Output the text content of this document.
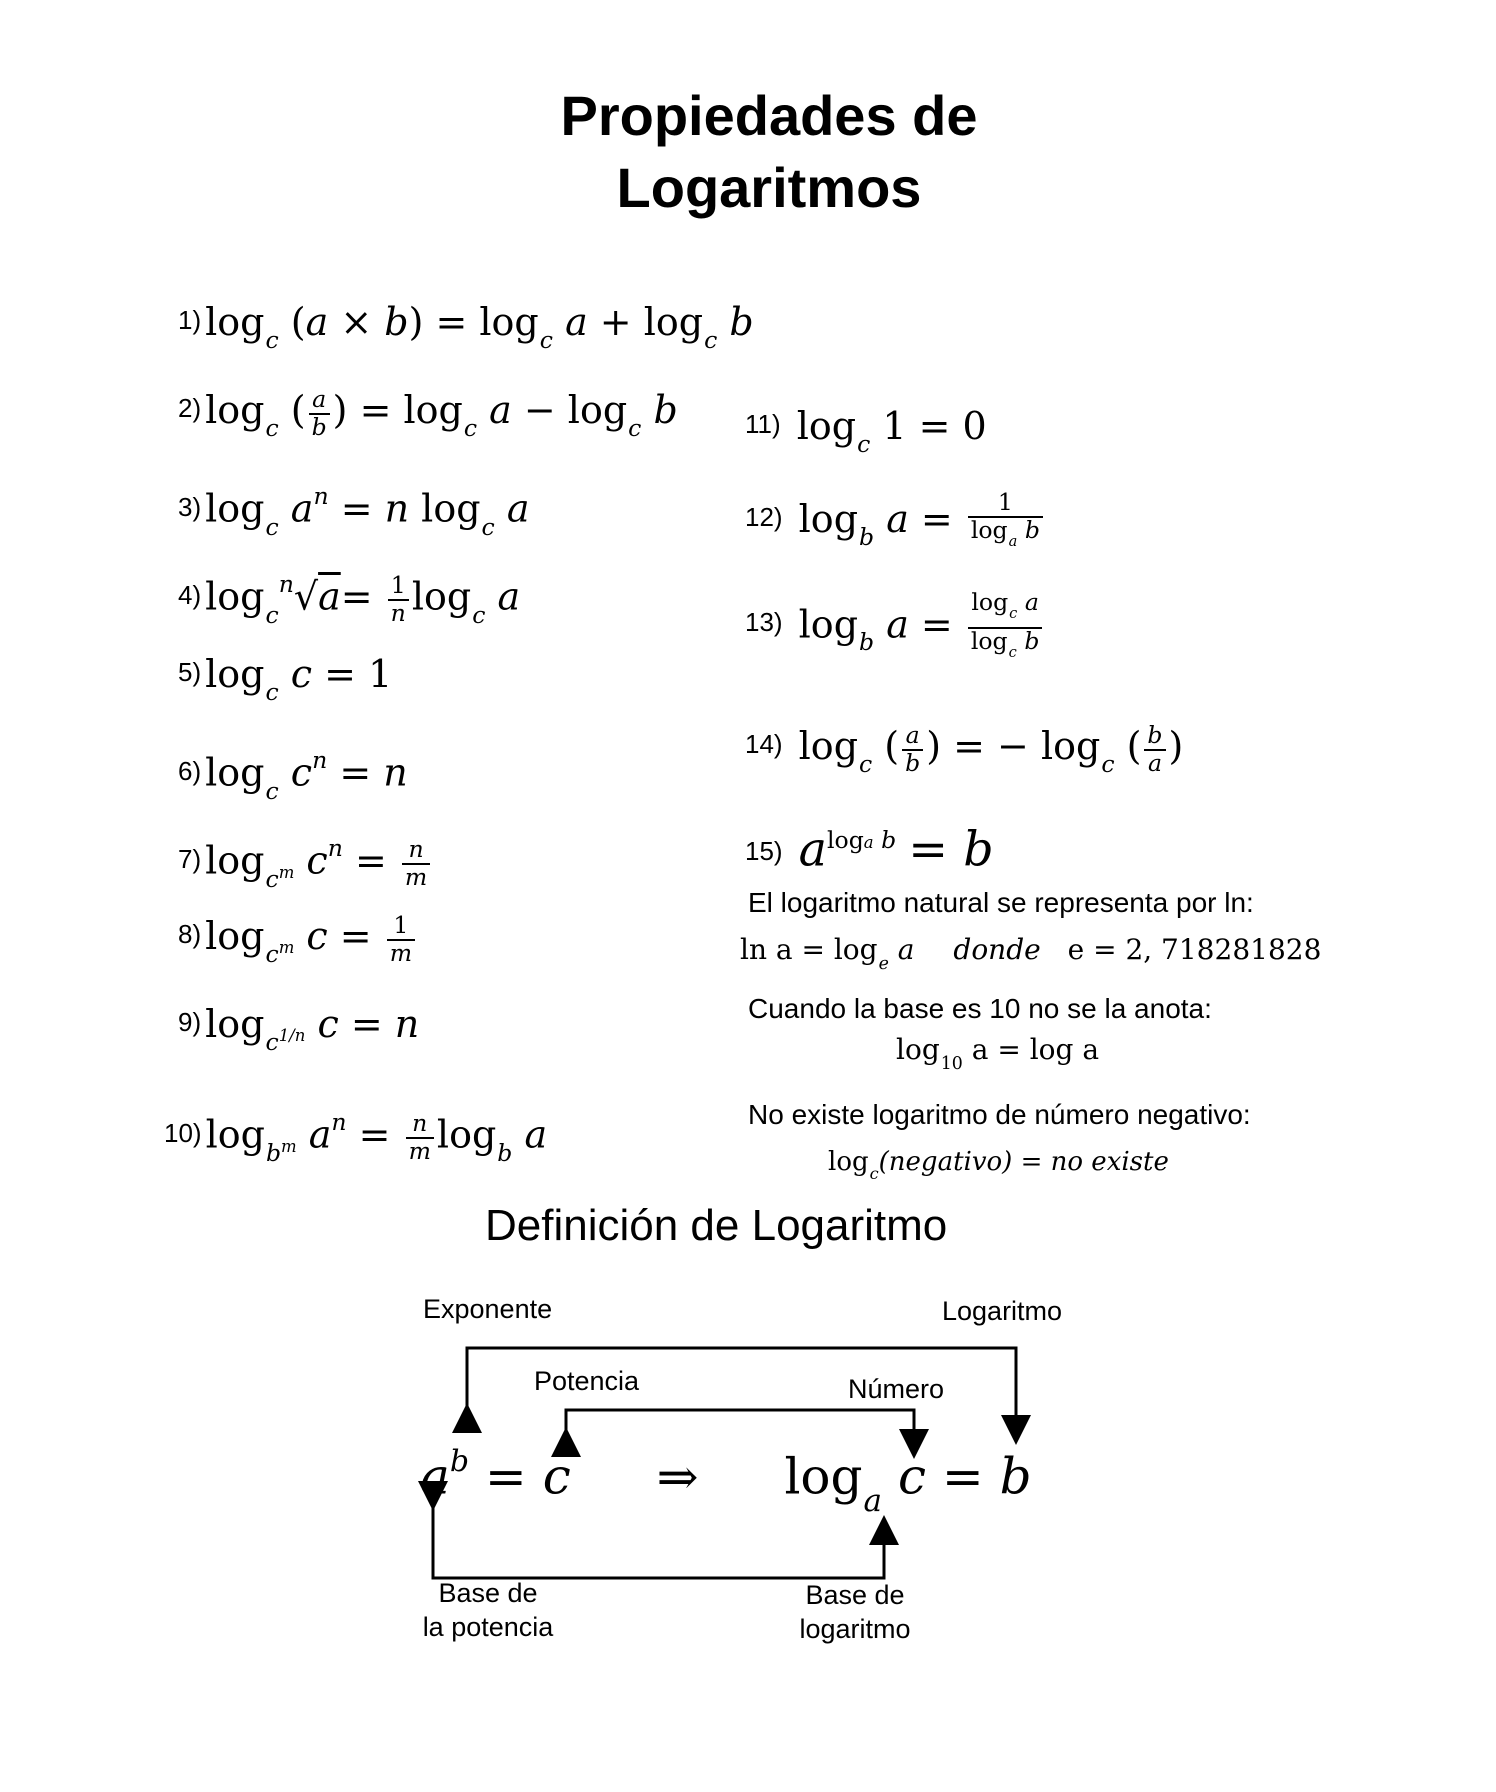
Propiedades de
Logaritmos
1) $\log_c (a \times b) = \log_c a + \log_c b$
2) $\log_c$ ( $\frac{a}{b}$ ) = $\log_c a - \log_c b$
3) $\log_c a^n = n$ $\log_c a$
4) $\log_c^n√a= \frac{1}{n} \log_c a$
5) $\log_c c = 1$
6) $\log_c c^n = n$
7) $\log_{c^m} c^n = \frac{n}{m}$
8) $\log_{c^m} c = \frac{1}{m}$
9) $\log_{c^{1/n}} c = n$
10) $\log_{b^m} a^n = \frac{n}{m} \log_b a$
11) $\log_c 1 = 0$
12) $\log_b a = \frac{1}{\log_a b}$
13) $\log_b a = \frac{\log_c a}{\log_c b}$
14) $\log_c$ ( $\frac{a}{b}$ ) = − $\log_c$ ( $\frac{b}{a}$ )
15) $a^{loga b} = b$
El logaritmo natural se representa por ln:
$\ln a = \log_e a$ donde e = 2, 718281828
Cuando la base es 10 no se la anota:
$\log_{10} a = \log a$
No existe logaritmo de número negativo:
$\log_c(negativo)$ = no existe
Definición de Logaritmo
Exponente	Logaritmo
Potencia	Número
Base de
la potencia
Base de
logaritmo
$a^b = c$ ⇒ $\log_a c = b$
